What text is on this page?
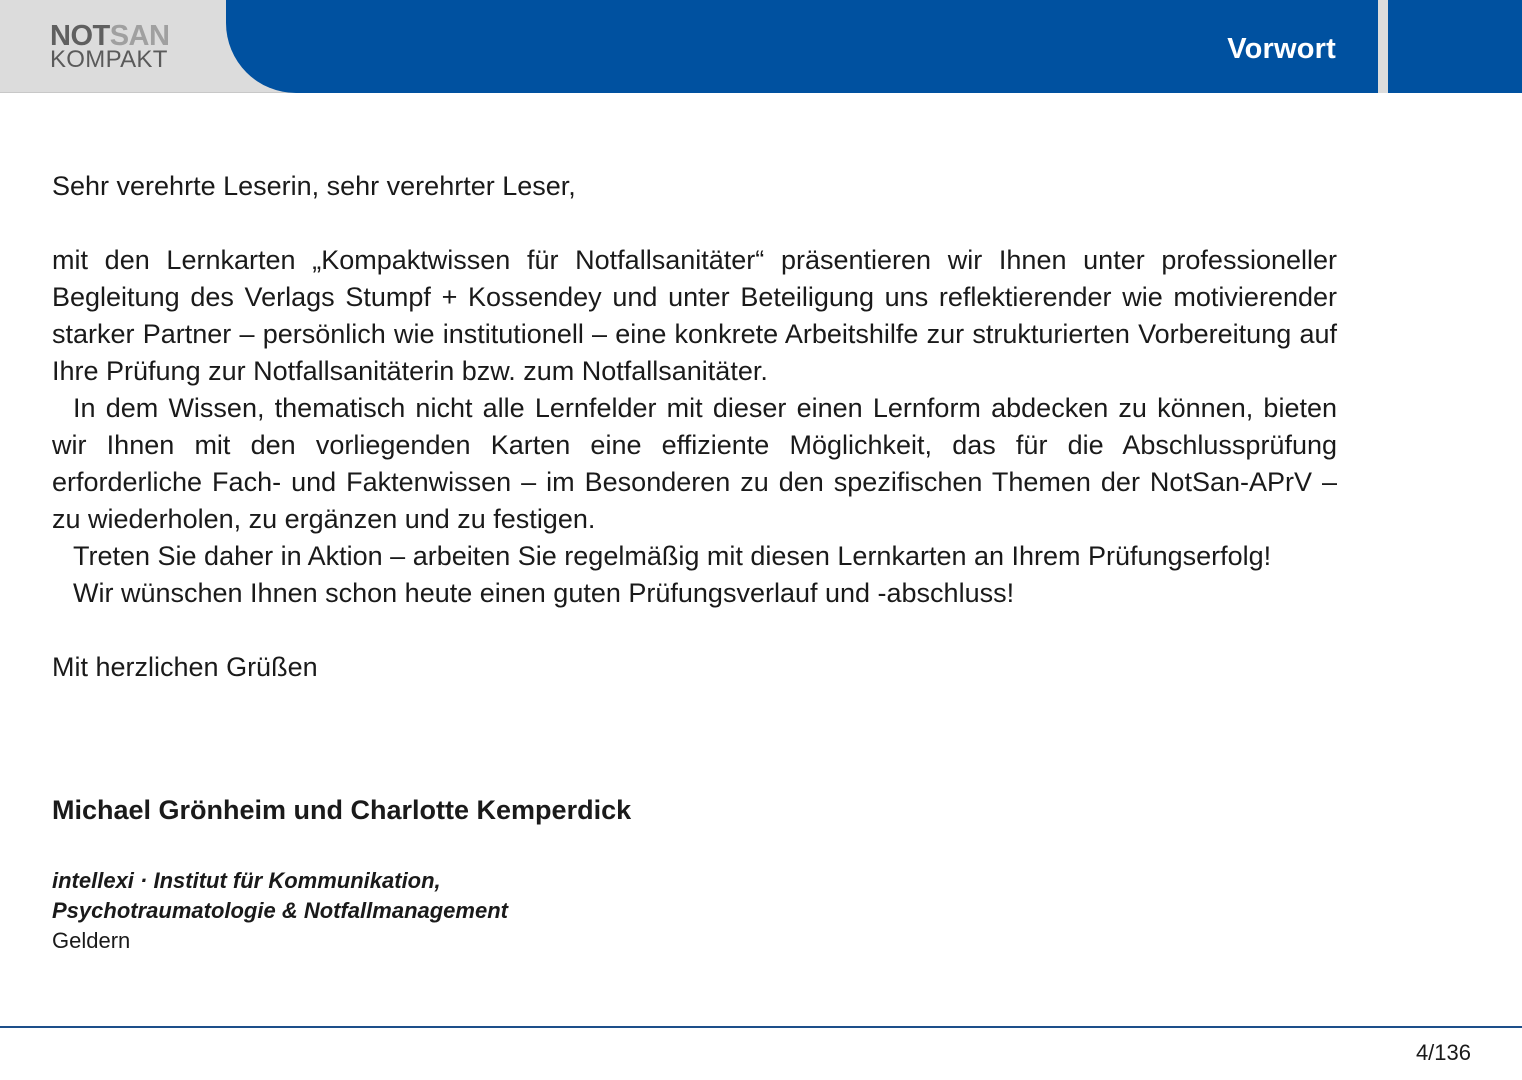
NOTSAN
KOMPAKT	Vorwort

Sehr verehrte Leserin, sehr verehrter Leser,

mit den Lernkarten „Kompaktwissen für Notfallsanitäter“ präsentieren wir Ihnen unter professioneller Begleitung des Verlags Stumpf + Kossendey und unter Beteiligung uns reflektierender wie motivierender starker Partner – persönlich wie institutionell – eine konkrete Arbeitshilfe zur strukturierten Vorbereitung auf Ihre Prüfung zur Notfallsanitäterin bzw. zum Notfallsanitäter.

In dem Wissen, thematisch nicht alle Lernfelder mit dieser einen Lernform abdecken zu können, bieten wir Ihnen mit den vorliegenden Karten eine effiziente Möglichkeit, das für die Abschlussprüfung erforderliche Fach- und Faktenwissen – im Besonderen zu den spezifischen Themen der NotSan-APrV – zu wiederholen, zu ergänzen und zu festigen.

Treten Sie daher in Aktion – arbeiten Sie regelmäßig mit diesen Lernkarten an Ihrem Prüfungserfolg!

Wir wünschen Ihnen schon heute einen guten Prüfungsverlauf und -abschluss!

Mit herzlichen Grüßen

Michael Grönheim und Charlotte Kemperdick
intellexi · Institut für Kommunikation,
Psychotraumatologie & Notfallmanagement
Geldern
4/136
